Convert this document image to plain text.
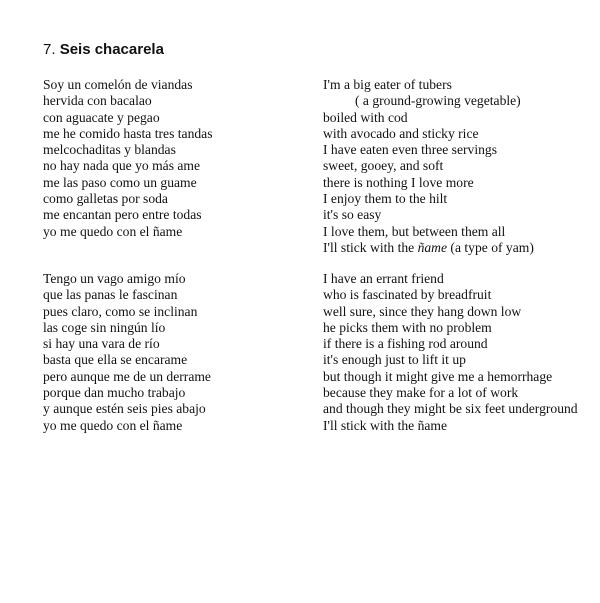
7. Seis chacarela
Soy un comelón de viandas
hervida con bacalao
con aguacate y pegao
me he comido hasta tres tandas
melcochaditas y blandas
no hay nada que yo más ame
me las paso como un guame
como galletas por soda
me encantan pero entre todas
yo me quedo con el ñame
I'm a big eater of tubers
( a ground-growing vegetable)
boiled with cod
with avocado and sticky rice
I have eaten even three servings
sweet, gooey, and soft
there is nothing I love more
I enjoy them to the hilt
it's so easy
I love them, but between them all
I'll stick with the ñame (a type of yam)
Tengo un vago amigo mío
que las panas le fascinan
pues claro, como se inclinan
las coge sin ningún lío
si hay una vara de río
basta que ella se encarame
pero aunque me de un derrame
porque dan mucho trabajo
y aunque estén seis pies abajo
yo me quedo con el ñame
I have an errant friend
who is fascinated by breadfruit
well sure, since they hang down low
he picks them with no problem
if there is a fishing rod around
it's enough just to lift it up
but though it might give me a hemorrhage
because they make for a lot of work
and though they might be six feet underground
I'll stick with the ñame
